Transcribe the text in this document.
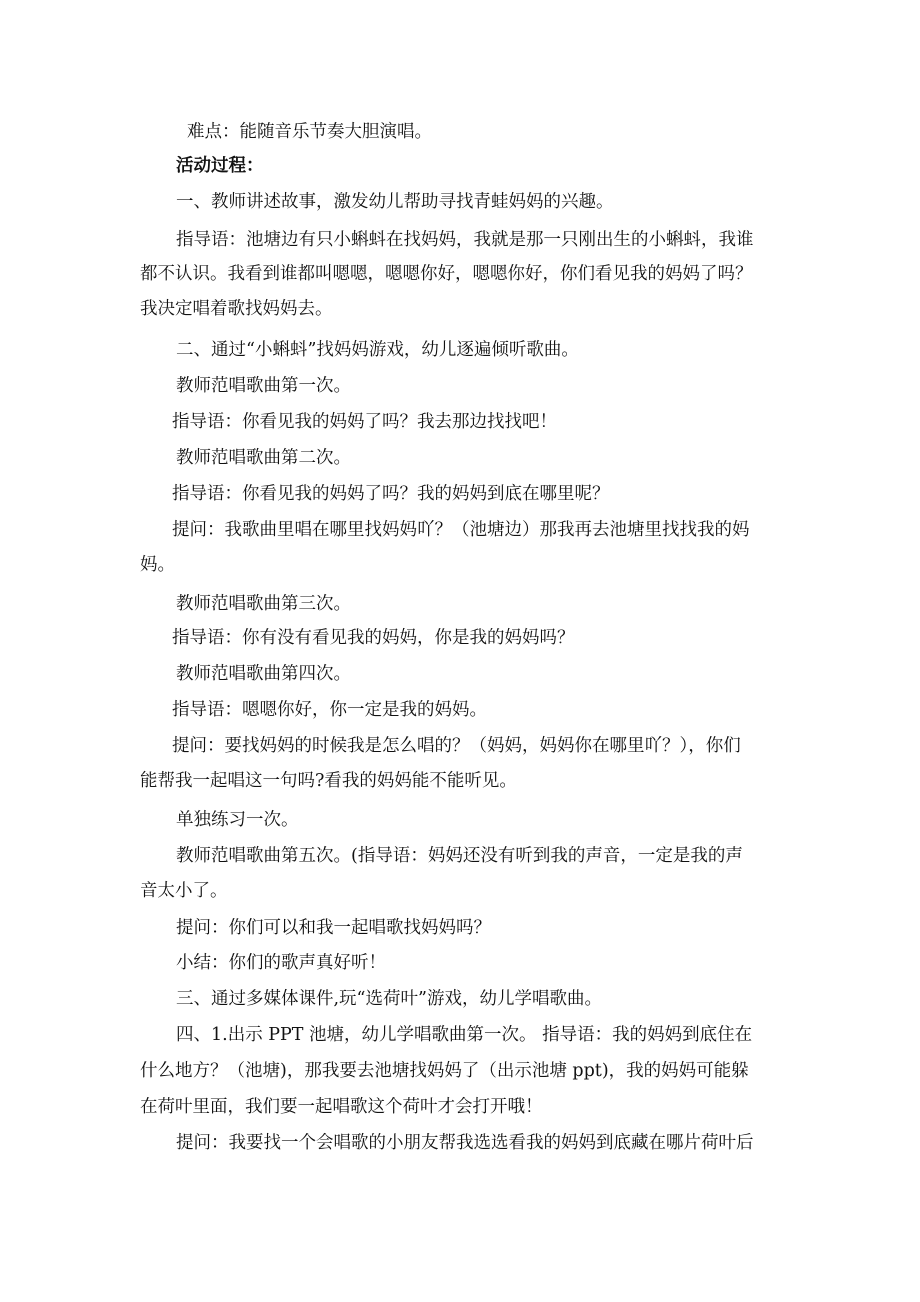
难点：能随音乐节奏大胆演唱。
活动过程：
一、教师讲述故事，激发幼儿帮助寻找青蛙妈妈的兴趣。
指导语：池塘边有只小蝌蚪在找妈妈，我就是那一只刚出生的小蝌蚪，我谁
都不认识。我看到谁都叫嗯嗯，嗯嗯你好，嗯嗯你好，你们看见我的妈妈了吗？
我决定唱着歌找妈妈去。
二、通过“小蝌蚪”找妈妈游戏，幼儿逐遍倾听歌曲。
教师范唱歌曲第一次。
指导语：你看见我的妈妈了吗？我去那边找找吧！
教师范唱歌曲第二次。
指导语：你看见我的妈妈了吗？我的妈妈到底在哪里呢？
提问：我歌曲里唱在哪里找妈妈吖？（池塘边）那我再去池塘里找找我的妈
妈。
教师范唱歌曲第三次。
指导语：你有没有看见我的妈妈，你是我的妈妈吗？
教师范唱歌曲第四次。
指导语：嗯嗯你好，你一定是我的妈妈。
提问：要找妈妈的时候我是怎么唱的？（妈妈，妈妈你在哪里吖？），你们
能帮我一起唱这一句吗?看我的妈妈能不能听见。
单独练习一次。
教师范唱歌曲第五次。(指导语：妈妈还没有听到我的声音，一定是我的声
音太小了。
提问：你们可以和我一起唱歌找妈妈吗？
小结：你们的歌声真好听！
三、通过多媒体课件,玩“选荷叶”游戏，幼儿学唱歌曲。
四、1.出示 PPT 池塘，幼儿学唱歌曲第一次。 指导语：我的妈妈到底住在
什么地方？（池塘)，那我要去池塘找妈妈了（出示池塘 ppt)，我的妈妈可能躲
在荷叶里面，我们要一起唱歌这个荷叶才会打开哦！
提问：我要找一个会唱歌的小朋友帮我选选看我的妈妈到底藏在哪片荷叶后
